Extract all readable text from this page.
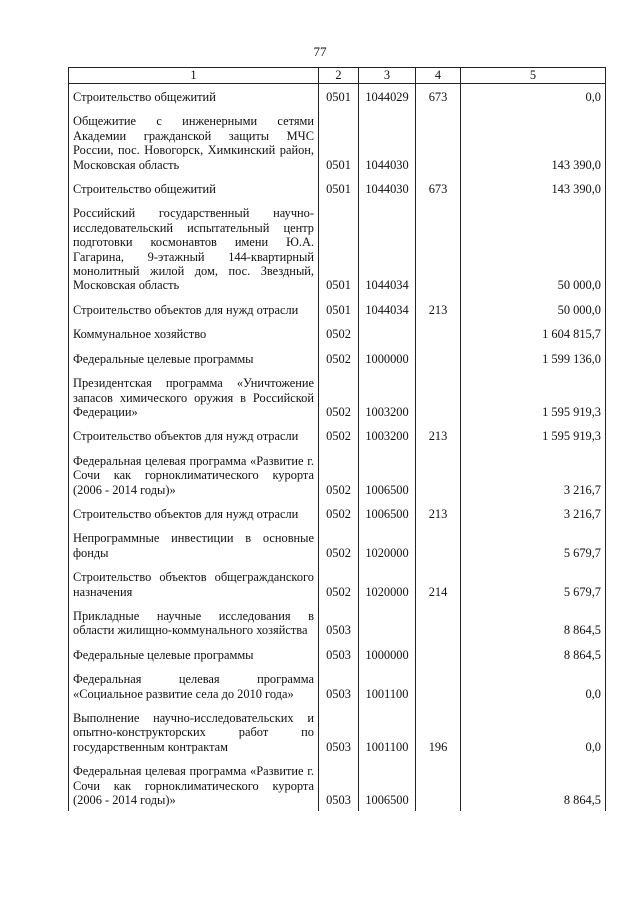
77
1	2	3	4	5
Строительство общежитий	0501	1044029	673	0,0
Общежитие с инженерными сетями Академии гражданской защиты МЧС России, пос. Новогорск, Химкинский район, Московская область	0501	1044030		143 390,0
Строительство общежитий	0501	1044030	673	143 390,0
Российский государственный научно-исследовательский испытательный центр подготовки космонавтов имени Ю.А. Гагарина, 9-этажный 144-квартирный монолитный жилой дом, пос. Звездный, Московская область	0501	1044034		50 000,0
Строительство объектов для нужд отрасли	0501	1044034	213	50 000,0
Коммунальное хозяйство	0502			1 604 815,7
Федеральные целевые программы	0502	1000000		1 599 136,0
Президентская программа «Уничтожение запасов химического оружия в Российской Федерации»	0502	1003200		1 595 919,3
Строительство объектов для нужд отрасли	0502	1003200	213	1 595 919,3
Федеральная целевая программа «Развитие г. Сочи как горноклиматического курорта (2006 - 2014 годы)»	0502	1006500		3 216,7
Строительство объектов для нужд отрасли	0502	1006500	213	3 216,7
Непрограммные инвестиции в основные фонды	0502	1020000		5 679,7
Строительство объектов общегражданского назначения	0502	1020000	214	5 679,7
Прикладные научные исследования в области жилищно-коммунального хозяйства	0503			8 864,5
Федеральные целевые программы	0503	1000000		8 864,5
Федеральная целевая программа «Социальное развитие села до 2010 года»	0503	1001100		0,0
Выполнение научно-исследовательских и опытно-конструкторских работ по государственным контрактам	0503	1001100	196	0,0
Федеральная целевая программа «Развитие г. Сочи как горноклиматического курорта (2006 - 2014 годы)»	0503	1006500		8 864,5
